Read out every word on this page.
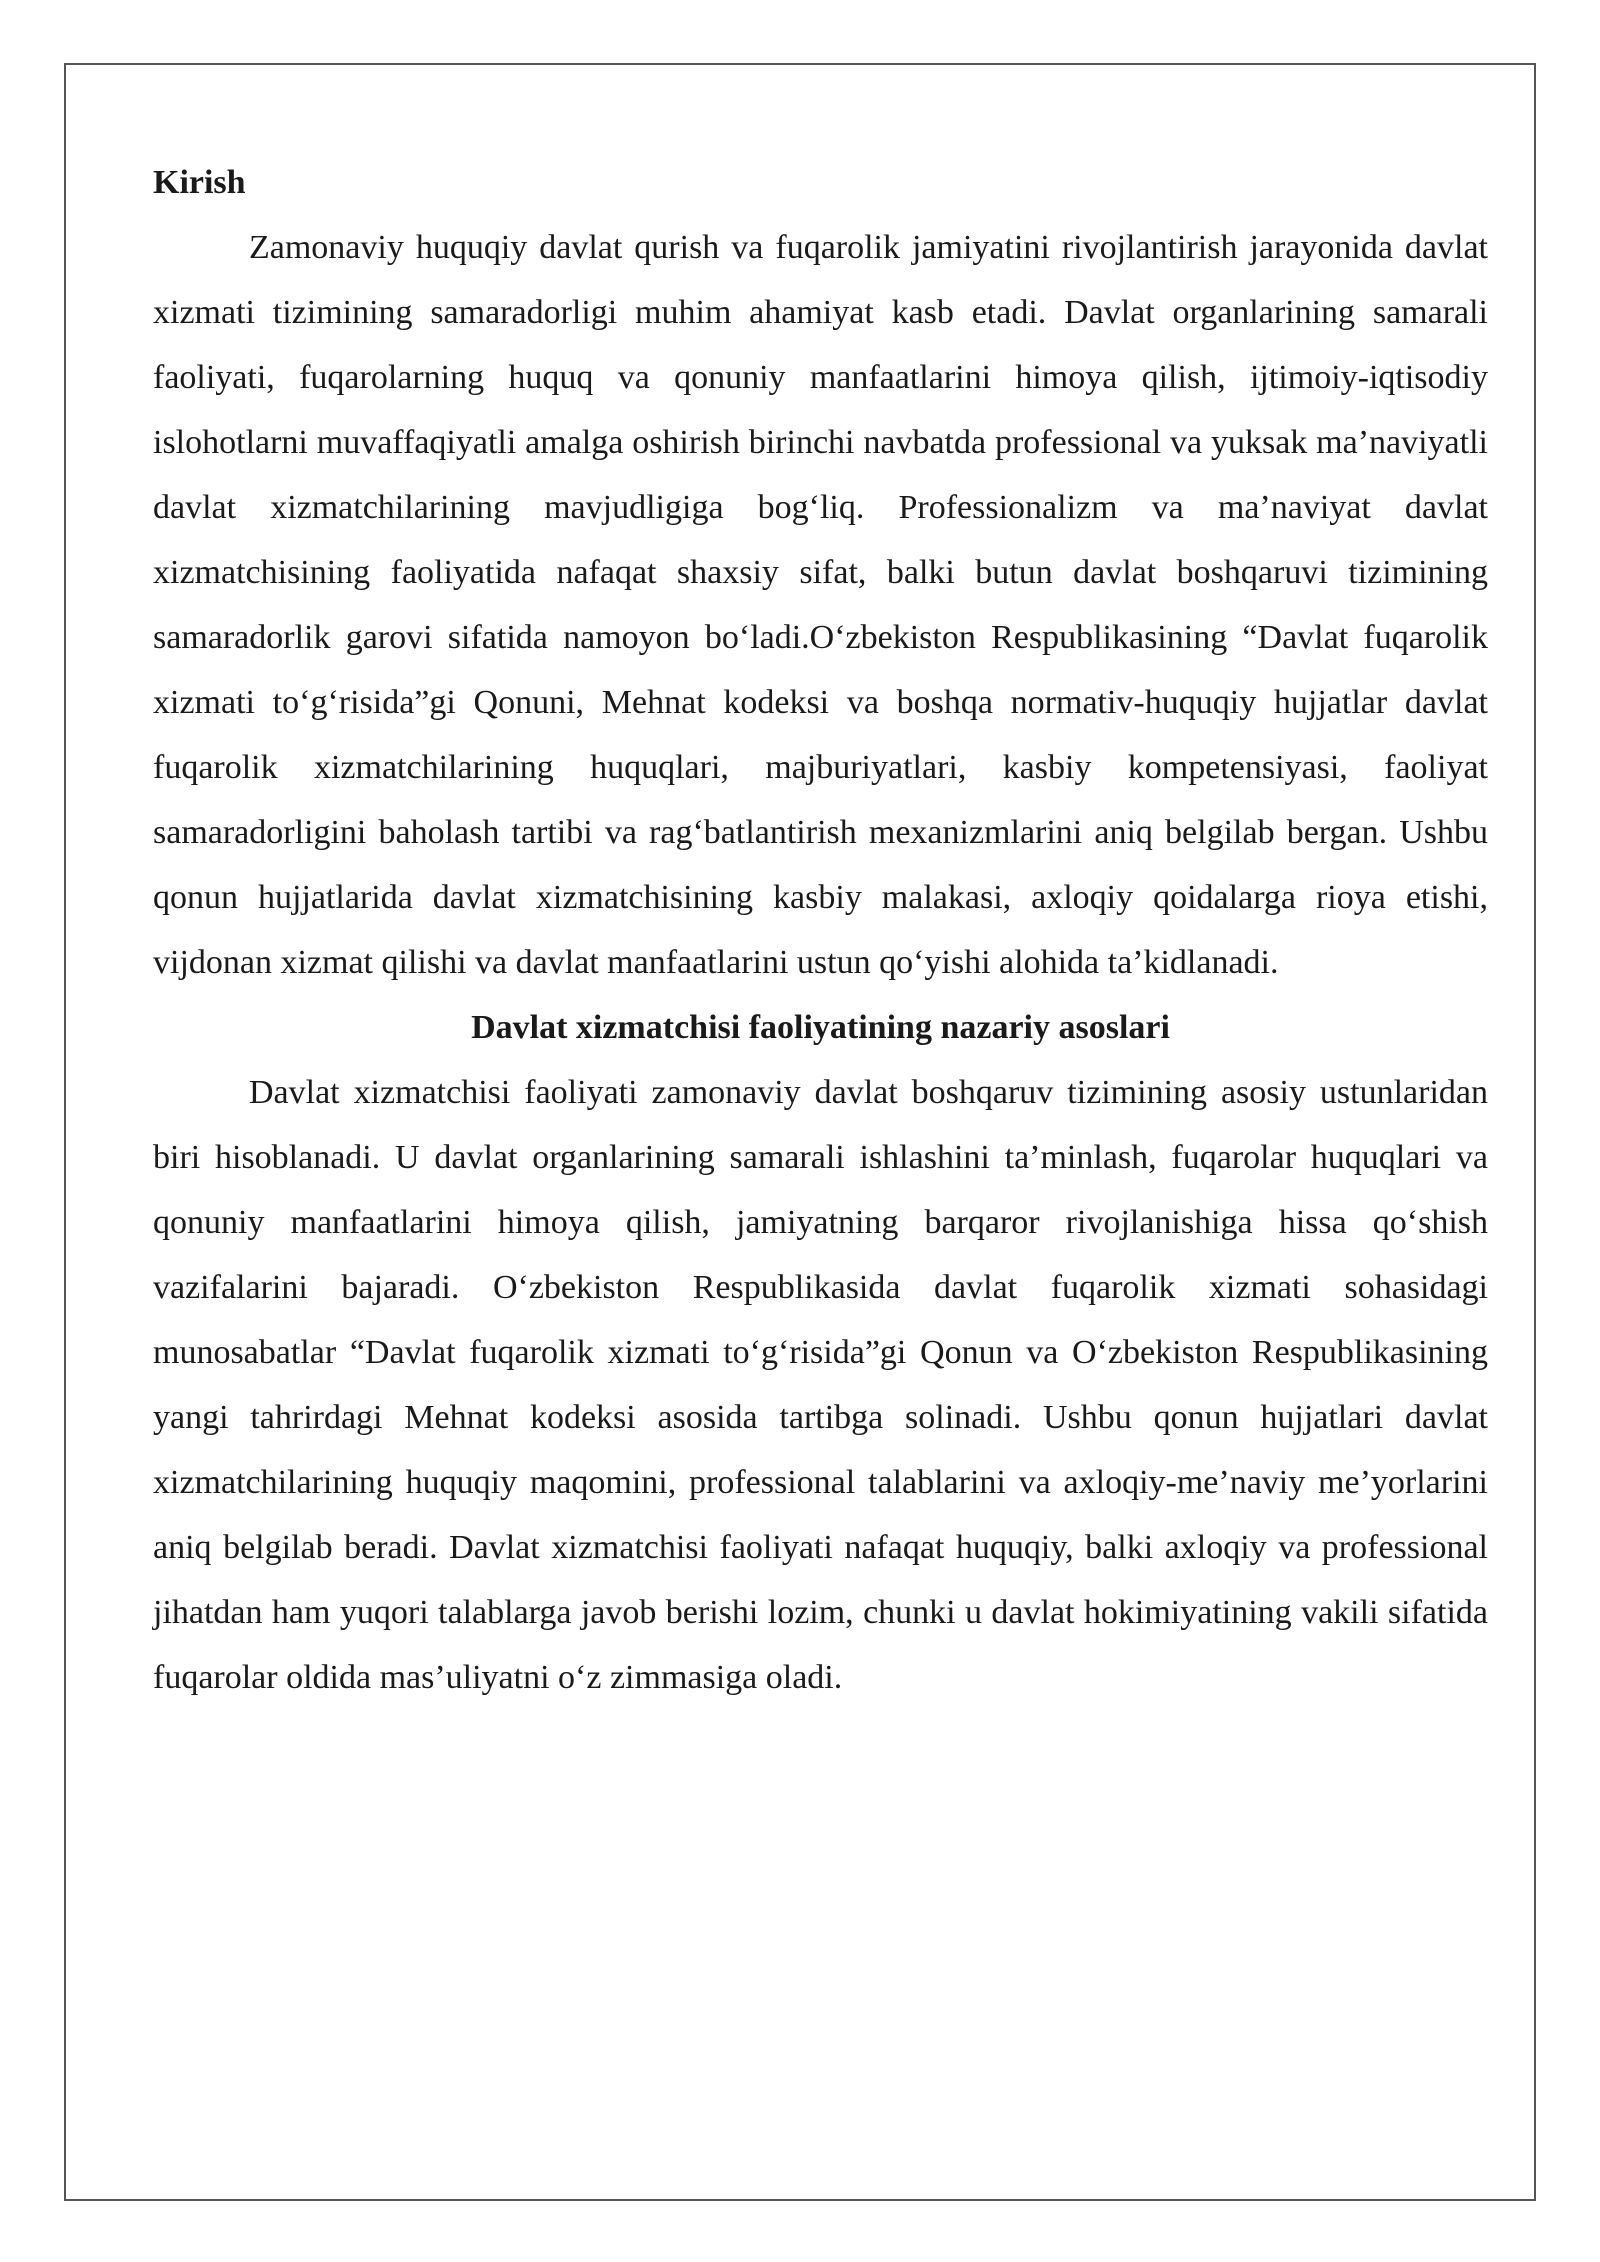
Kirish

Zamonaviy huquqiy davlat qurish va fuqarolik jamiyatini rivojlantirish jarayonida davlat xizmati tizimining samaradorligi muhim ahamiyat kasb etadi. Davlat organlarining samarali faoliyati, fuqarolarning huquq va qonuniy manfaatlarini himoya qilish, ijtimoiy-iqtisodiy islohotlarni muvaffaqiyatli amalga oshirish birinchi navbatda professional va yuksak ma’naviyatli davlat xizmatchilarining mavjudligiga bog‘liq. Professionalizm va ma’naviyat davlat xizmatchisining faoliyatida nafaqat shaxsiy sifat, balki butun davlat boshqaruvi tizimining samaradorlik garovi sifatida namoyon bo‘ladi.O‘zbekiston Respublikasining “Davlat fuqarolik xizmati to‘g‘risida”gi Qonuni, Mehnat kodeksi va boshqa normativ-huquqiy hujjatlar davlat fuqarolik xizmatchilarining huquqlari, majburiyatlari, kasbiy kompetensiyasi, faoliyat samaradorligini baholash tartibi va rag‘batlantirish mexanizmlarini aniq belgilab bergan. Ushbu qonun hujjatlarida davlat xizmatchisining kasbiy malakasi, axloqiy qoidalarga rioya etishi, vijdonan xizmat qilishi va davlat manfaatlarini ustun qo‘yishi alohida ta’kidlanadi.

Davlat xizmatchisi faoliyatining nazariy asoslari

Davlat xizmatchisi faoliyati zamonaviy davlat boshqaruv tizimining asosiy ustunlaridan biri hisoblanadi. U davlat organlarining samarali ishlashini ta’minlash, fuqarolar huquqlari va qonuniy manfaatlarini himoya qilish, jamiyatning barqaror rivojlanishiga hissa qo‘shish vazifalarini bajaradi. O‘zbekiston Respublikasida davlat fuqarolik xizmati sohasidagi munosabatlar “Davlat fuqarolik xizmati to‘g‘risida”gi Qonun va O‘zbekiston Respublikasining yangi tahrirdagi Mehnat kodeksi asosida tartibga solinadi. Ushbu qonun hujjatlari davlat xizmatchilarining huquqiy maqomini, professional talablarini va axloqiy-me’naviy me’yorlarini aniq belgilab beradi. Davlat xizmatchisi faoliyati nafaqat huquqiy, balki axloqiy va professional jihatdan ham yuqori talablarga javob berishi lozim, chunki u davlat hokimiyatining vakili sifatida fuqarolar oldida mas’uliyatni o‘z zimmasiga oladi.
